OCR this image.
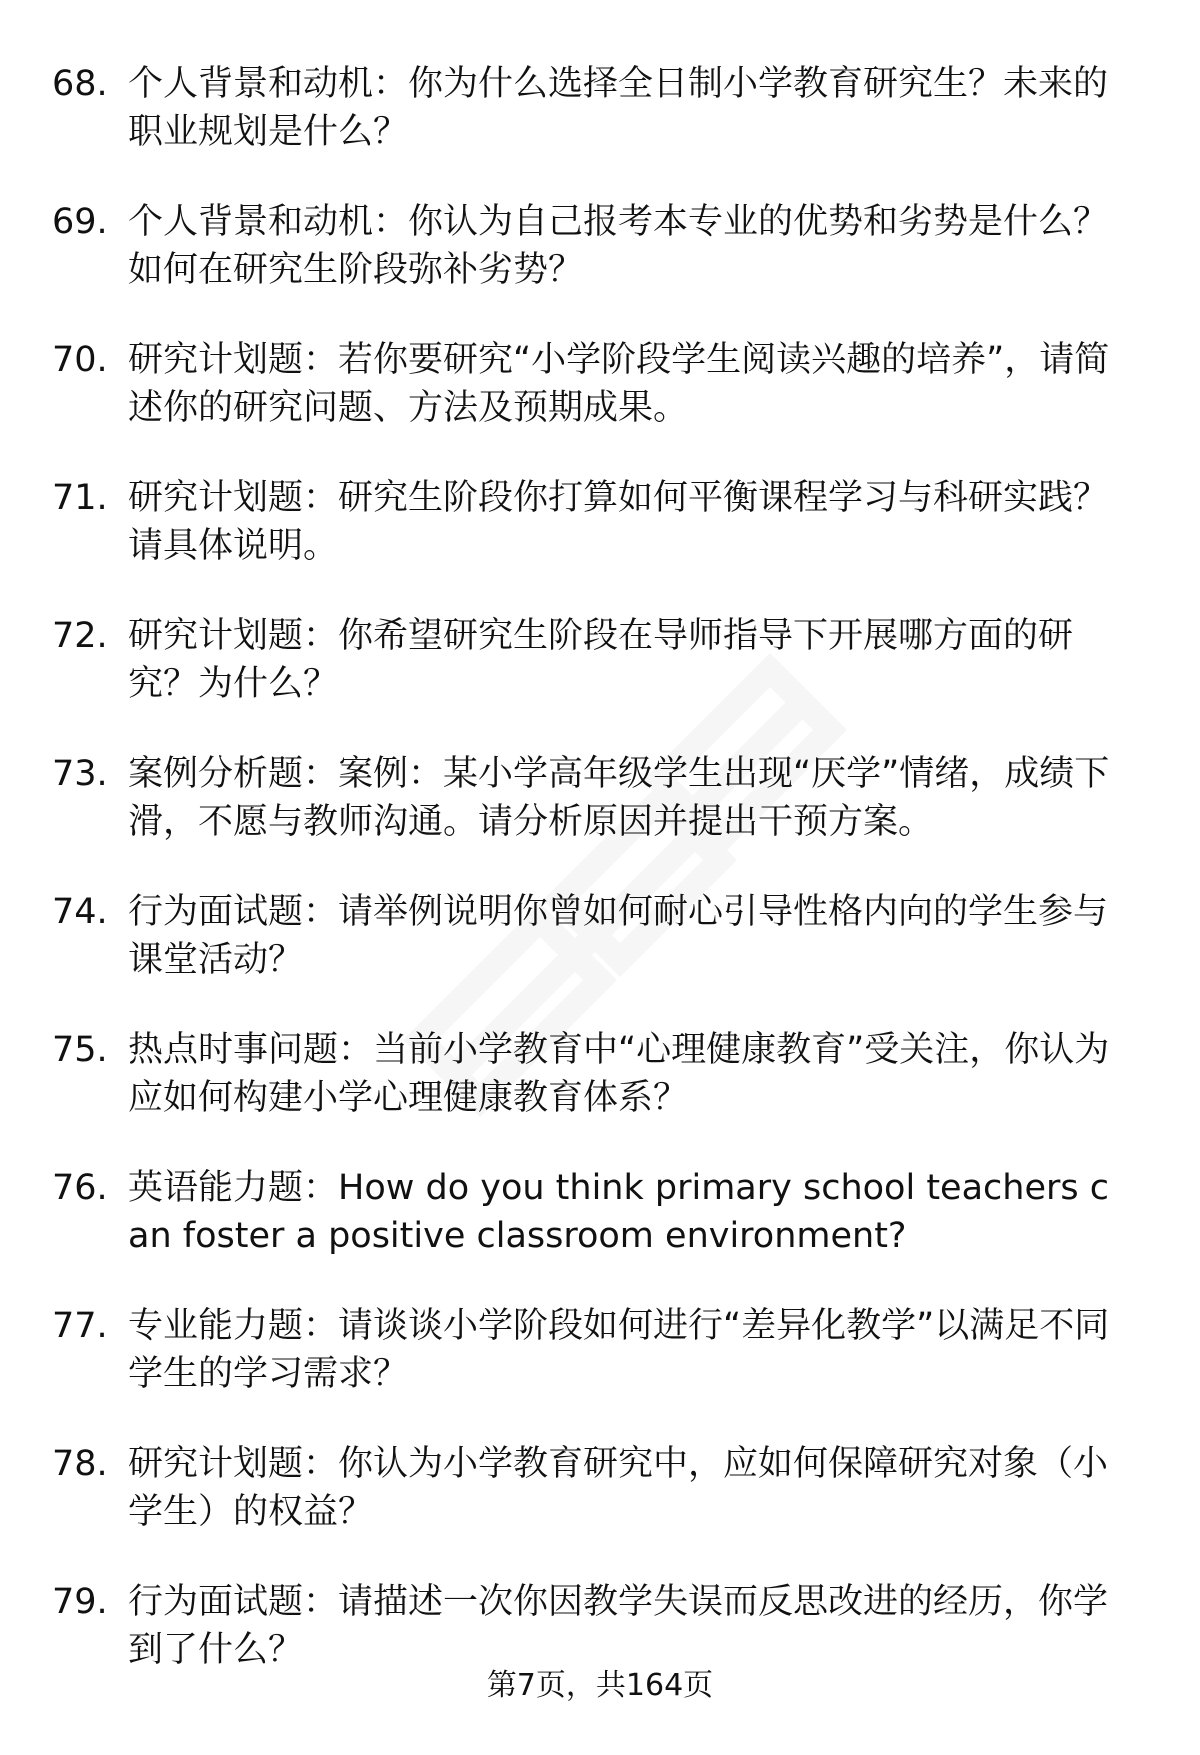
68. 个人背景和动机：你为什么选择全日制小学教育研究生？未来的职业规划是什么？
69. 个人背景和动机：你认为自己报考本专业的优势和劣势是什么？如何在研究生阶段弥补劣势？
70. 研究计划题：若你要研究“小学阶段学生阅读兴趣的培养”，请简述你的研究问题、方法及预期成果。
71. 研究计划题：研究生阶段你打算如何平衡课程学习与科研实践？请具体说明。
72. 研究计划题：你希望研究生阶段在导师指导下开展哪方面的研究？为什么？
73. 案例分析题：案例：某小学高年级学生出现“厌学”情绪，成绩下滑，不愿与教师沟通。请分析原因并提出干预方案。
74. 行为面试题：请举例说明你曾如何耐心引导性格内向的学生参与课堂活动？
75. 热点时事问题：当前小学教育中“心理健康教育”受关注，你认为应如何构建小学心理健康教育体系？
76. 英语能力题：How do you think primary school teachers can foster a positive classroom environment?
77. 专业能力题：请谈谈小学阶段如何进行“差异化教学”以满足不同学生的学习需求？
78. 研究计划题：你认为小学教育研究中，应如何保障研究对象（小学生）的权益？
79. 行为面试题：请描述一次你因教学失误而反思改进的经历，你学到了什么？
第7页，共164页
